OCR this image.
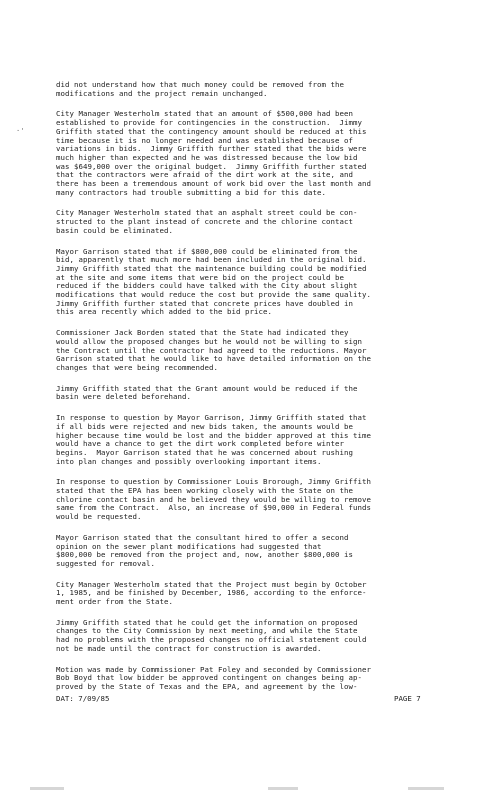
·'

did not understand how that much money could be removed from the
modifications and the project remain unchanged.

City Manager Westerholm stated that an amount of $500,000 had been
established to provide for contingencies in the construction.  Jimmy
Griffith stated that the contingency amount should be reduced at this
time because it is no longer needed and was established because of
variations in bids.  Jimmy Griffith further stated that the bids were
much higher than expected and he was distressed because the low bid
was $649,000 over the original budget.  Jimmy Griffith further stated
that the contractors were afraid of the dirt work at the site, and
there has been a tremendous amount of work bid over the last month and
many contractors had trouble submitting a bid for this date.

City Manager Westerholm stated that an asphalt street could be con-
structed to the plant instead of concrete and the chlorine contact
basin could be eliminated.

Mayor Garrison stated that if $800,000 could be eliminated from the
bid, apparently that much more had been included in the original bid.
Jimmy Griffith stated that the maintenance building could be modified
at the site and some items that were bid on the project could be
reduced if the bidders could have talked with the City about slight
modifications that would reduce the cost but provide the same quality.
Jimmy Griffith further stated that concrete prices have doubled in
this area recently which added to the bid price.

Commissioner Jack Borden stated that the State had indicated they
would allow the proposed changes but he would not be willing to sign
the Contract until the contractor had agreed to the reductions. Mayor
Garrison stated that he would like to have detailed information on the
changes that were being recommended.

Jimmy Griffith stated that the Grant amount would be reduced if the
basin were deleted beforehand.

In response to question by Mayor Garrison, Jimmy Griffith stated that
if all bids were rejected and new bids taken, the amounts would be
higher because time would be lost and the bidder approved at this time
would have a chance to get the dirt work completed before winter
begins.  Mayor Garrison stated that he was concerned about rushing
into plan changes and possibly overlooking important items.

In response to question by Commissioner Louis Brorough, Jimmy Griffith
stated that the EPA has been working closely with the State on the
chlorine contact basin and he believed they would be willing to remove
same from the Contract.  Also, an increase of $90,000 in Federal funds
would be requested.

Mayor Garrison stated that the consultant hired to offer a second
opinion on the sewer plant modifications had suggested that
$800,000 be removed from the project and, now, another $800,000 is
suggested for removal.

City Manager Westerholm stated that the Project must begin by October
1, 1985, and be finished by December, 1986, according to the enforce-
ment order from the State.

Jimmy Griffith stated that he could get the information on proposed
changes to the City Commission by next meeting, and while the State
had no problems with the proposed changes no official statement could
not be made until the contract for construction is awarded.

Motion was made by Commissioner Pat Foley and seconded by Commissioner
Bob Boyd that low bidder be approved contingent on changes being ap-
proved by the State of Texas and the EPA, and agreement by the low-

DAT: 7/09/85	PAGE 7
